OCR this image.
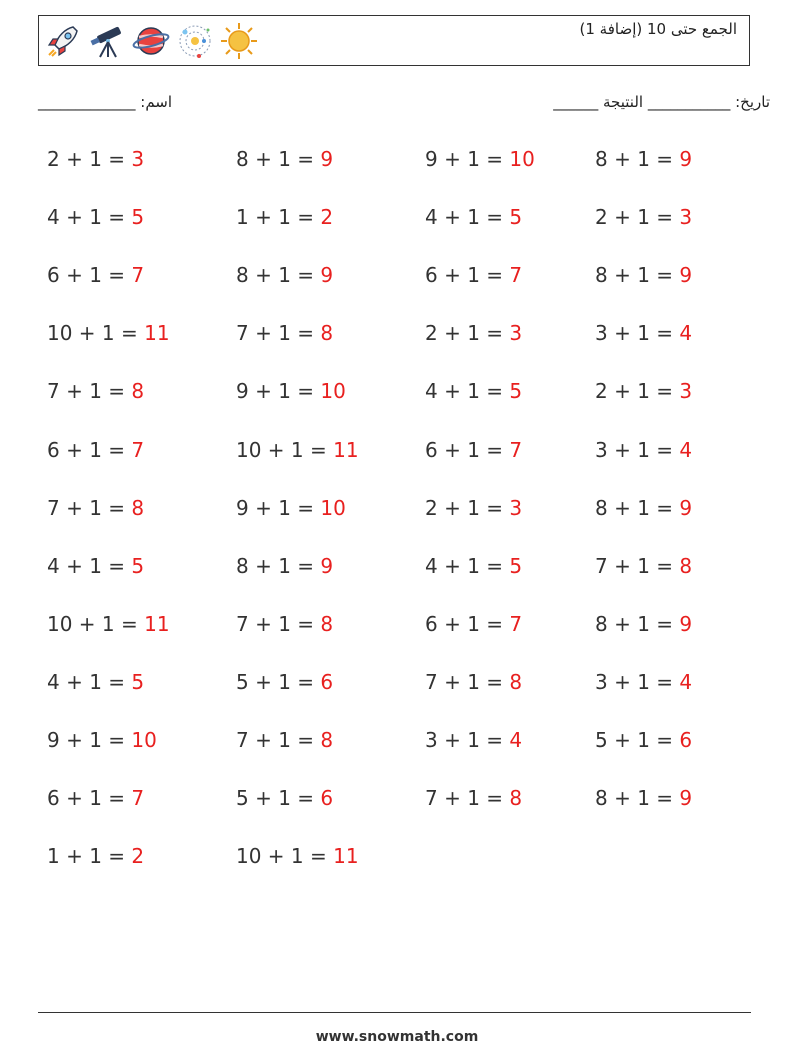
الجمع حتى 10 (إضافة 1)
اسم: _____________	تاريخ: ___________ النتيجة ______
2 + 1 = 3
4 + 1 = 5
6 + 1 = 7
10 + 1 = 11
7 + 1 = 8
6 + 1 = 7
7 + 1 = 8
4 + 1 = 5
10 + 1 = 11
4 + 1 = 5
9 + 1 = 10
6 + 1 = 7
1 + 1 = 2
8 + 1 = 9
1 + 1 = 2
8 + 1 = 9
7 + 1 = 8
9 + 1 = 10
10 + 1 = 11
9 + 1 = 10
8 + 1 = 9
7 + 1 = 8
5 + 1 = 6
7 + 1 = 8
5 + 1 = 6
10 + 1 = 11
9 + 1 = 10
4 + 1 = 5
6 + 1 = 7
2 + 1 = 3
4 + 1 = 5
6 + 1 = 7
2 + 1 = 3
4 + 1 = 5
6 + 1 = 7
7 + 1 = 8
3 + 1 = 4
7 + 1 = 8
8 + 1 = 9
2 + 1 = 3
8 + 1 = 9
3 + 1 = 4
2 + 1 = 3
3 + 1 = 4
8 + 1 = 9
7 + 1 = 8
8 + 1 = 9
3 + 1 = 4
5 + 1 = 6
8 + 1 = 9
www.snowmath.com
